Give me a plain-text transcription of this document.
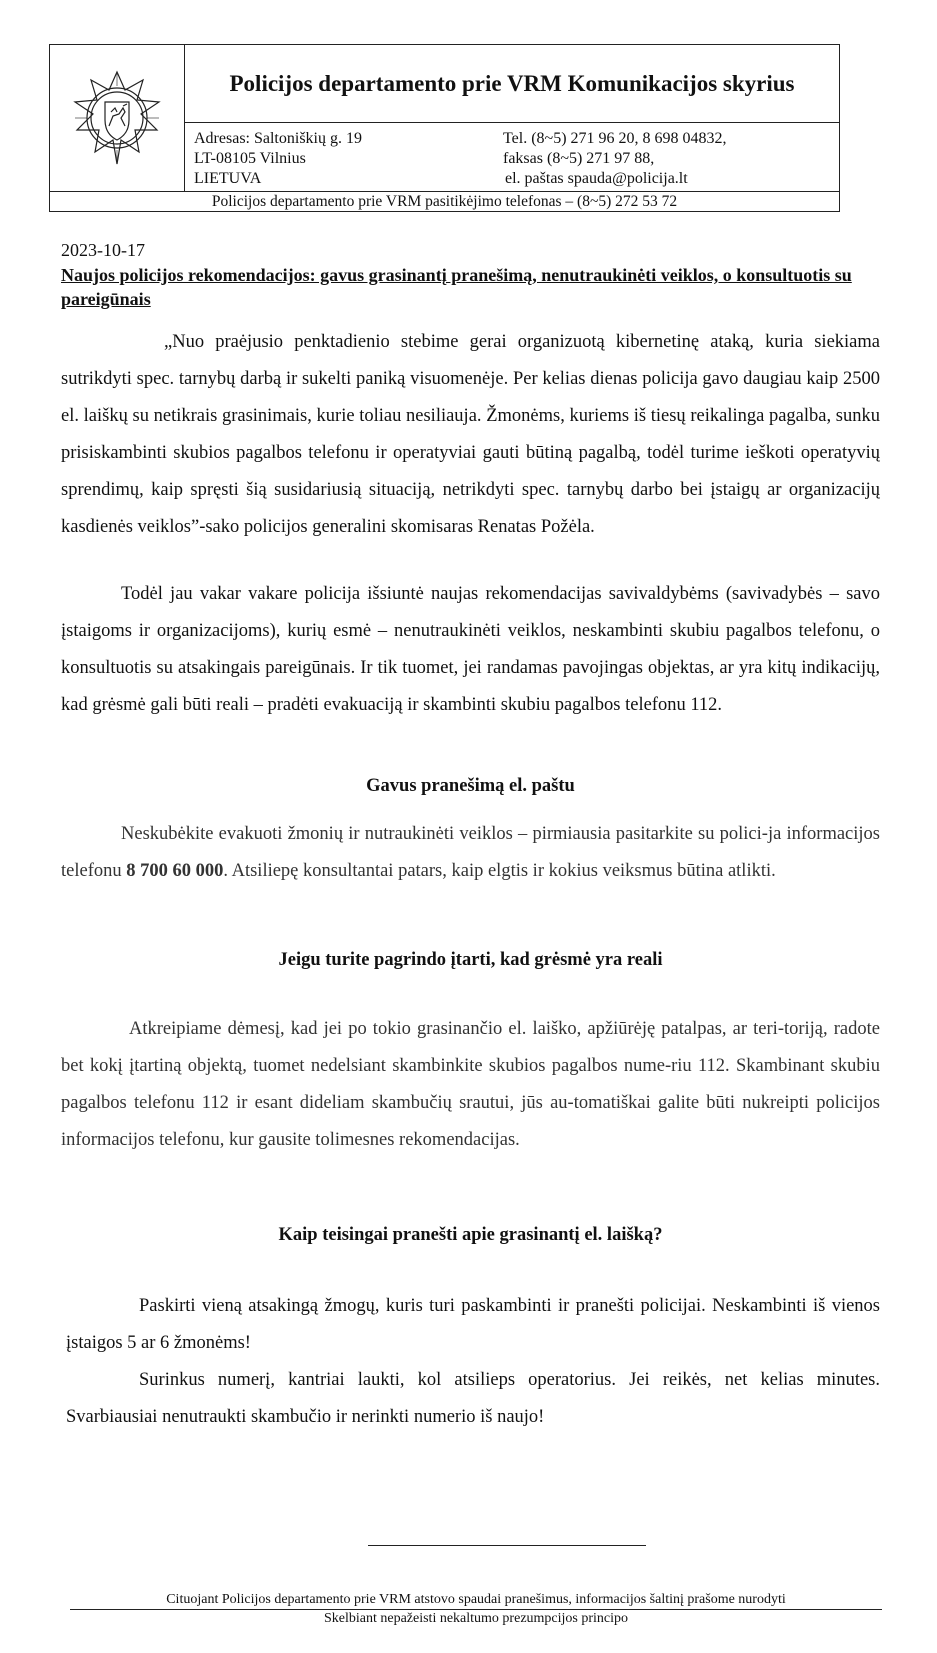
Policijos departamento prie VRM Komunikacijos skyrius
Adresas: Saltoniškių g. 19
LT-08105 Vilnius
LIETUVA
Tel. (8~5) 271 96 20, 8 698 04832,
faksas (8~5) 271 97 88,
el. paštas spauda@policija.lt
Policijos departamento prie VRM pasitikėjimo telefonas – (8~5) 272 53 72
2023-10-17
Naujos policijos rekomendacijos: gavus grasinantį pranešimą, nenutraukinėti veiklos, o konsultuotis su pareigūnais
„Nuo praėjusio penktadienio stebime gerai organizuotą kibernetinę ataką, kuria siekiama sutrikdyti spec. tarnybų darbą ir sukelti paniką visuomenėje. Per kelias dienas policija gavo daugiau kaip 2500 el. laiškų su netikrais grasinimais, kurie toliau nesiliauja. Žmonėms, kuriems iš tiesų reikalinga pagalba, sunku prisiskambinti skubios pagalbos telefonu ir operatyviai gauti būtiną pagalbą, todėl turime ieškoti operatyvių sprendimų, kaip spręsti šią susidariusią situaciją, netrikdyti spec. tarnybų darbo bei įstaigų ar organizacijų kasdienės veiklos”-sako policijos generalini skomisaras Renatas Požėla.
Todėl jau vakar vakare policija išsiuntė naujas rekomendacijas savivaldybėms (savivadybės – savo įstaigoms ir organizacijoms), kurių esmė – nenutraukinėti veiklos, neskambinti skubiu pagalbos telefonu, o konsultuotis su atsakingais pareigūnais. Ir tik tuomet, jei randamas pavojingas objektas, ar yra kitų indikacijų, kad grėsmė gali būti reali – pradėti evakuaciją ir skambinti skubiu pagalbos telefonu 112.
Gavus pranešimą el. paštu
Neskubėkite evakuoti žmonių ir nutraukinėti veiklos – pirmiausia pasitarkite su polici-ja informacijos telefonu 8 700 60 000. Atsiliepę konsultantai patars, kaip elgtis ir kokius veiksmus būtina atlikti.
Jeigu turite pagrindo įtarti, kad grėsmė yra reali
Atkreipiame dėmesį, kad jei po tokio grasinančio el. laiško, apžiūrėję patalpas, ar teri-toriją, radote bet kokį įtartiną objektą, tuomet nedelsiant skambinkite skubios pagalbos nume-riu 112. Skambinant skubiu pagalbos telefonu 112 ir esant dideliam skambučių srautui, jūs au-tomatiškai galite būti nukreipti policijos informacijos telefonu, kur gausite tolimesnes rekomendacijas.
Kaip teisingai pranešti apie grasinantį el. laišką?
Paskirti vieną atsakingą žmogų, kuris turi paskambinti ir pranešti policijai. Neskambinti iš vienos įstaigos 5 ar 6 žmonėms!
Surinkus numerį, kantriai laukti, kol atsilieps operatorius. Jei reikės, net kelias minutes. Svarbiausiai nenutraukti skambučio ir nerinkti numerio iš naujo!
Cituojant Policijos departamento prie VRM atstovo spaudai pranešimus, informacijos šaltinį prašome nurodyti
Skelbiant nepažeisti nekaltumo prezumpcijos principo
